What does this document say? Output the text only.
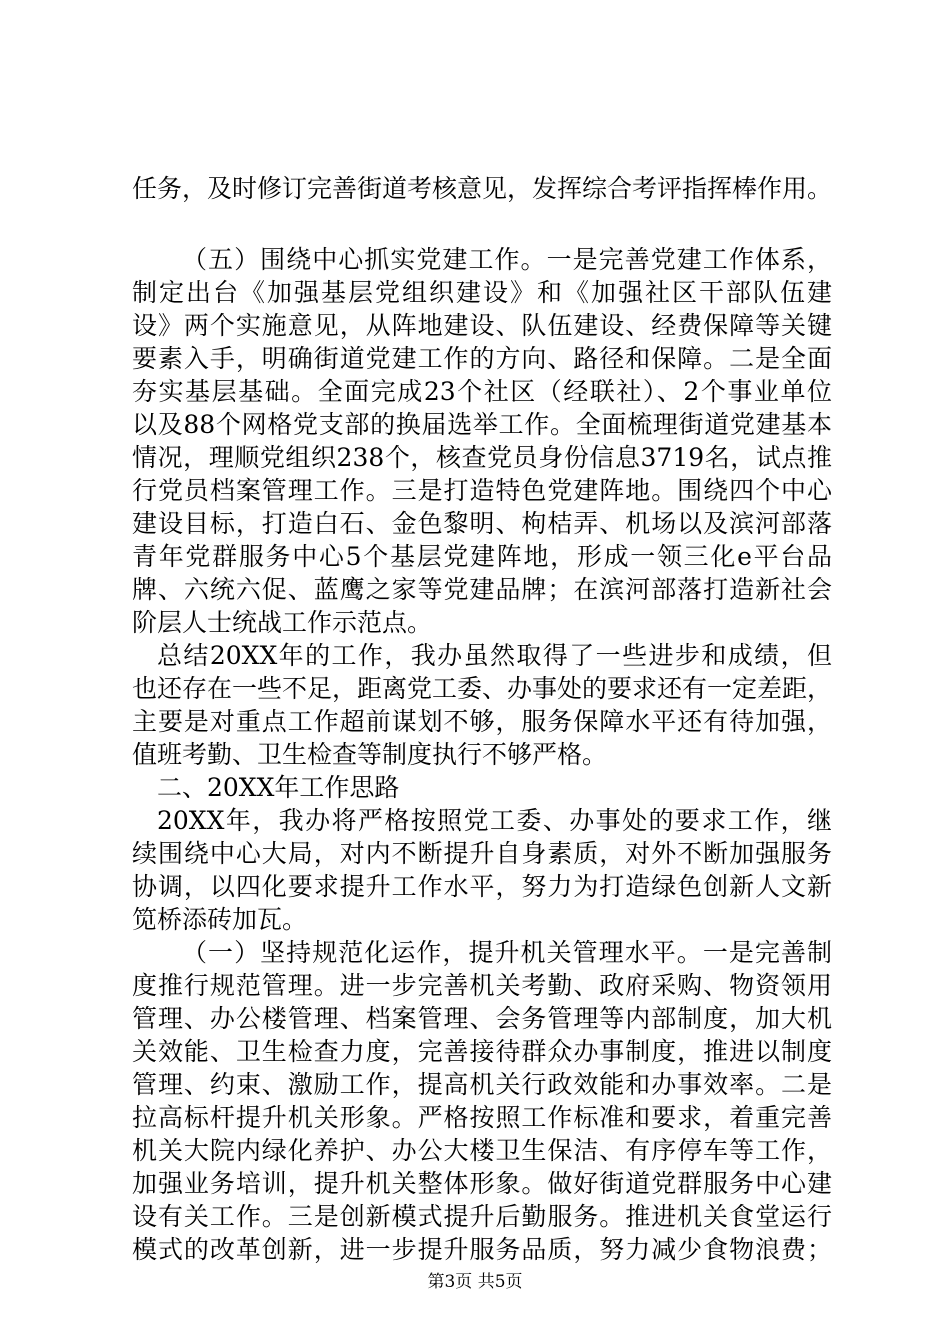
任务，及时修订完善街道考核意见，发挥综合考评指挥棒作用。
（五）围绕中心抓实党建工作。一是完善党建工作体系，
制定出台《加强基层党组织建设》和《加强社区干部队伍建
设》两个实施意见，从阵地建设、队伍建设、经费保障等关键
要素入手，明确街道党建工作的方向、路径和保障。二是全面
夯实基层基础。全面完成23个社区（经联社）、2个事业单位
以及88个网格党支部的换届选举工作。全面梳理街道党建基本
情况，理顺党组织238个，核查党员身份信息3719名，试点推
行党员档案管理工作。三是打造特色党建阵地。围绕四个中心
建设目标，打造白石、金色黎明、枸桔弄、机场以及滨河部落
青年党群服务中心5个基层党建阵地，形成一领三化e平台品
牌、六统六促、蓝鹰之家等党建品牌；在滨河部落打造新社会
阶层人士统战工作示范点。
总结20XX年的工作，我办虽然取得了一些进步和成绩，但
也还存在一些不足，距离党工委、办事处的要求还有一定差距，
主要是对重点工作超前谋划不够，服务保障水平还有待加强，
值班考勤、卫生检查等制度执行不够严格。
二、20XX年工作思路
20XX年，我办将严格按照党工委、办事处的要求工作，继
续围绕中心大局，对内不断提升自身素质，对外不断加强服务
协调，以四化要求提升工作水平，努力为打造绿色创新人文新
笕桥添砖加瓦。
（一）坚持规范化运作，提升机关管理水平。一是完善制
度推行规范管理。进一步完善机关考勤、政府采购、物资领用
管理、办公楼管理、档案管理、会务管理等内部制度，加大机
关效能、卫生检查力度，完善接待群众办事制度，推进以制度
管理、约束、激励工作，提高机关行政效能和办事效率。二是
拉高标杆提升机关形象。严格按照工作标准和要求，着重完善
机关大院内绿化养护、办公大楼卫生保洁、有序停车等工作，
加强业务培训，提升机关整体形象。做好街道党群服务中心建
设有关工作。三是创新模式提升后勤服务。推进机关食堂运行
模式的改革创新，进一步提升服务品质，努力减少食物浪费；
第3页 共5页
